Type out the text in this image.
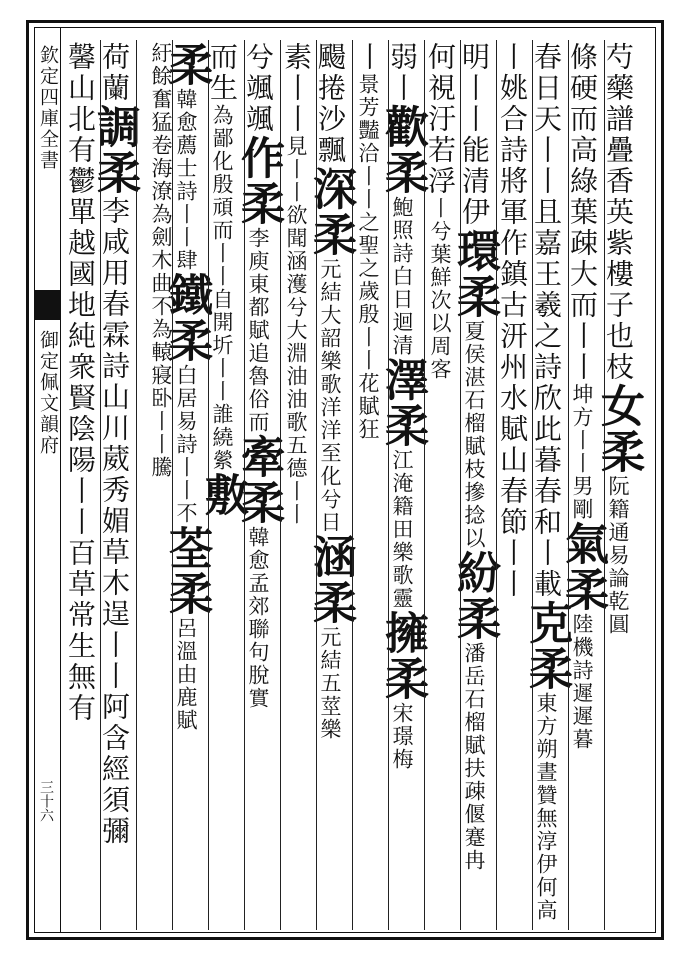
欽定四庫全書
御定佩文韻府
三十六
芍藥譜疊香英紫樓子也枝女柔阮籍通易論乾圓
條硬而高綠葉疎大而丨丨坤方丨丨男剛氣柔陸機詩遲遲暮
春日天丨丨且嘉王羲之詩欣此暮春和丨載克柔東方朔晝贊無淳伊何高
丨姚合詩將軍作鎮古汧州水賦山春節丨丨
明丨丨能清伊環柔夏侯湛石榴賦枝摻捻以紛柔潘岳石榴賦扶疎偃蹇冉
何視汙若浮丨兮葉鮮次以周客
弱丨歡柔鮑照詩白日迴清澤柔江淹籍田樂歌靈擁柔宋璟梅
丨景芳豔洽丨丨之聖之歲殷丨丨花賦狂
颺捲沙飄深柔元結大韶樂歌洋洋至化兮日涵柔元結五莖樂
素丨丨見丨丨欲聞涵濩兮大淵油油歌五德丨丨
兮颯颯作柔李庾東都賦追魯俗而牽柔韓愈孟郊聯句脫實
而生為鄙化殷頑而丨丨自開圻丨丨誰繞縈敷
柔韓愈薦士詩丨丨肆鐵柔白居易詩丨丨不荃柔呂溫由鹿賦
紆餘奮猛卷海潦為劍木曲不為轅寢卧丨丨騰
荷蘭調柔李咸用春霖詩山川葳秀媚草木逞丨丨阿含經須彌
馨山北有鬱單越國地純衆賢陰陽丨丨百草常生無有
